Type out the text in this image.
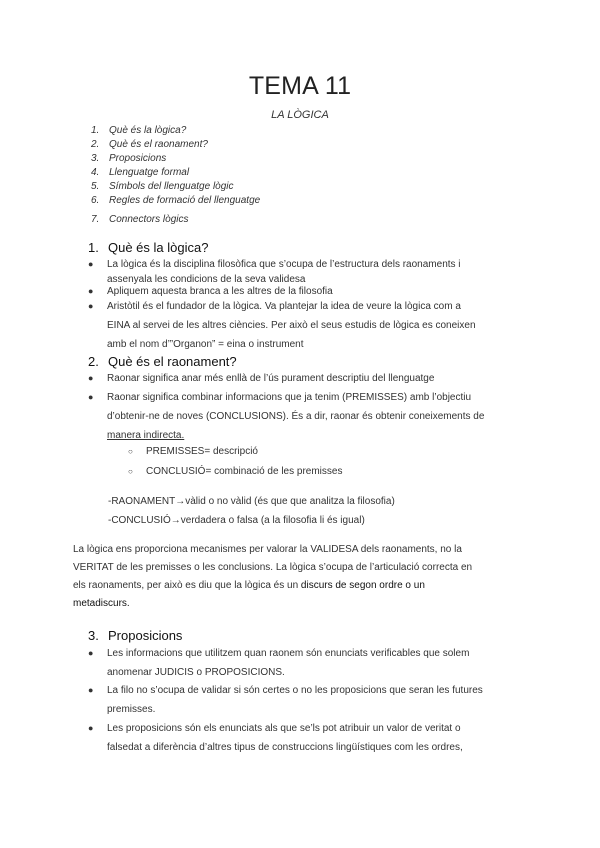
TEMA 11

LA LÒGICA

1. Què és la lògica?
2. Què és el raonament?
3. Proposicions
4. Llenguatge formal
5. Símbols del llenguatge lògic
6. Regles de formació del llenguatge
7. Connectors lògics
1. Què és la lògica?
● La lògica és la disciplina filosòfica que s’ocupa de l’estructura dels raonaments i
assenyala les condicions de la seva validesa
● Apliquem aquesta branca a les altres de la filosofia
● Aristòtil és el fundador de la lògica. Va plantejar la idea de veure la lògica com a
EINA al servei de les altres ciències. Per això el seus estudis de lògica es coneixen
amb el nom d’”Organon” = eina o instrument
2. Què és el raonament?
● Raonar significa anar més enllà de l’ús purament descriptiu del llenguatge
● Raonar significa combinar informacions que ja tenim (PREMISSES) amb l’objectiu
d’obtenir-ne de noves (CONCLUSIONS). És a dir, raonar és obtenir coneixements de
manera indirecta.
○ PREMISSES= descripció
○ CONCLUSIÓ= combinació de les premisses
-RAONAMENT→vàlid o no vàlid (és que que analitza la filosofia)
-CONCLUSIÓ→verdadera o falsa (a la filosofia li és igual)
La lògica ens proporciona mecanismes per valorar la VALIDESA dels raonaments, no la
VERITAT de les premisses o les conclusions. La lògica s’ocupa de l’articulació correcta en
els raonaments, per això es diu que la lògica és un discurs de segon ordre o un
metadiscurs.
3. Proposicions
● Les informacions que utilitzem quan raonem són enunciats verificables que solem
anomenar JUDICIS o PROPOSICIONS.
● La filo no s’ocupa de validar si són certes o no les proposicions que seran les futures
premisses.
● Les proposicions són els enunciats als que se’ls pot atribuir un valor de veritat o
falsedat a diferència d’altres tipus de construccions lingüístiques com les ordres,
